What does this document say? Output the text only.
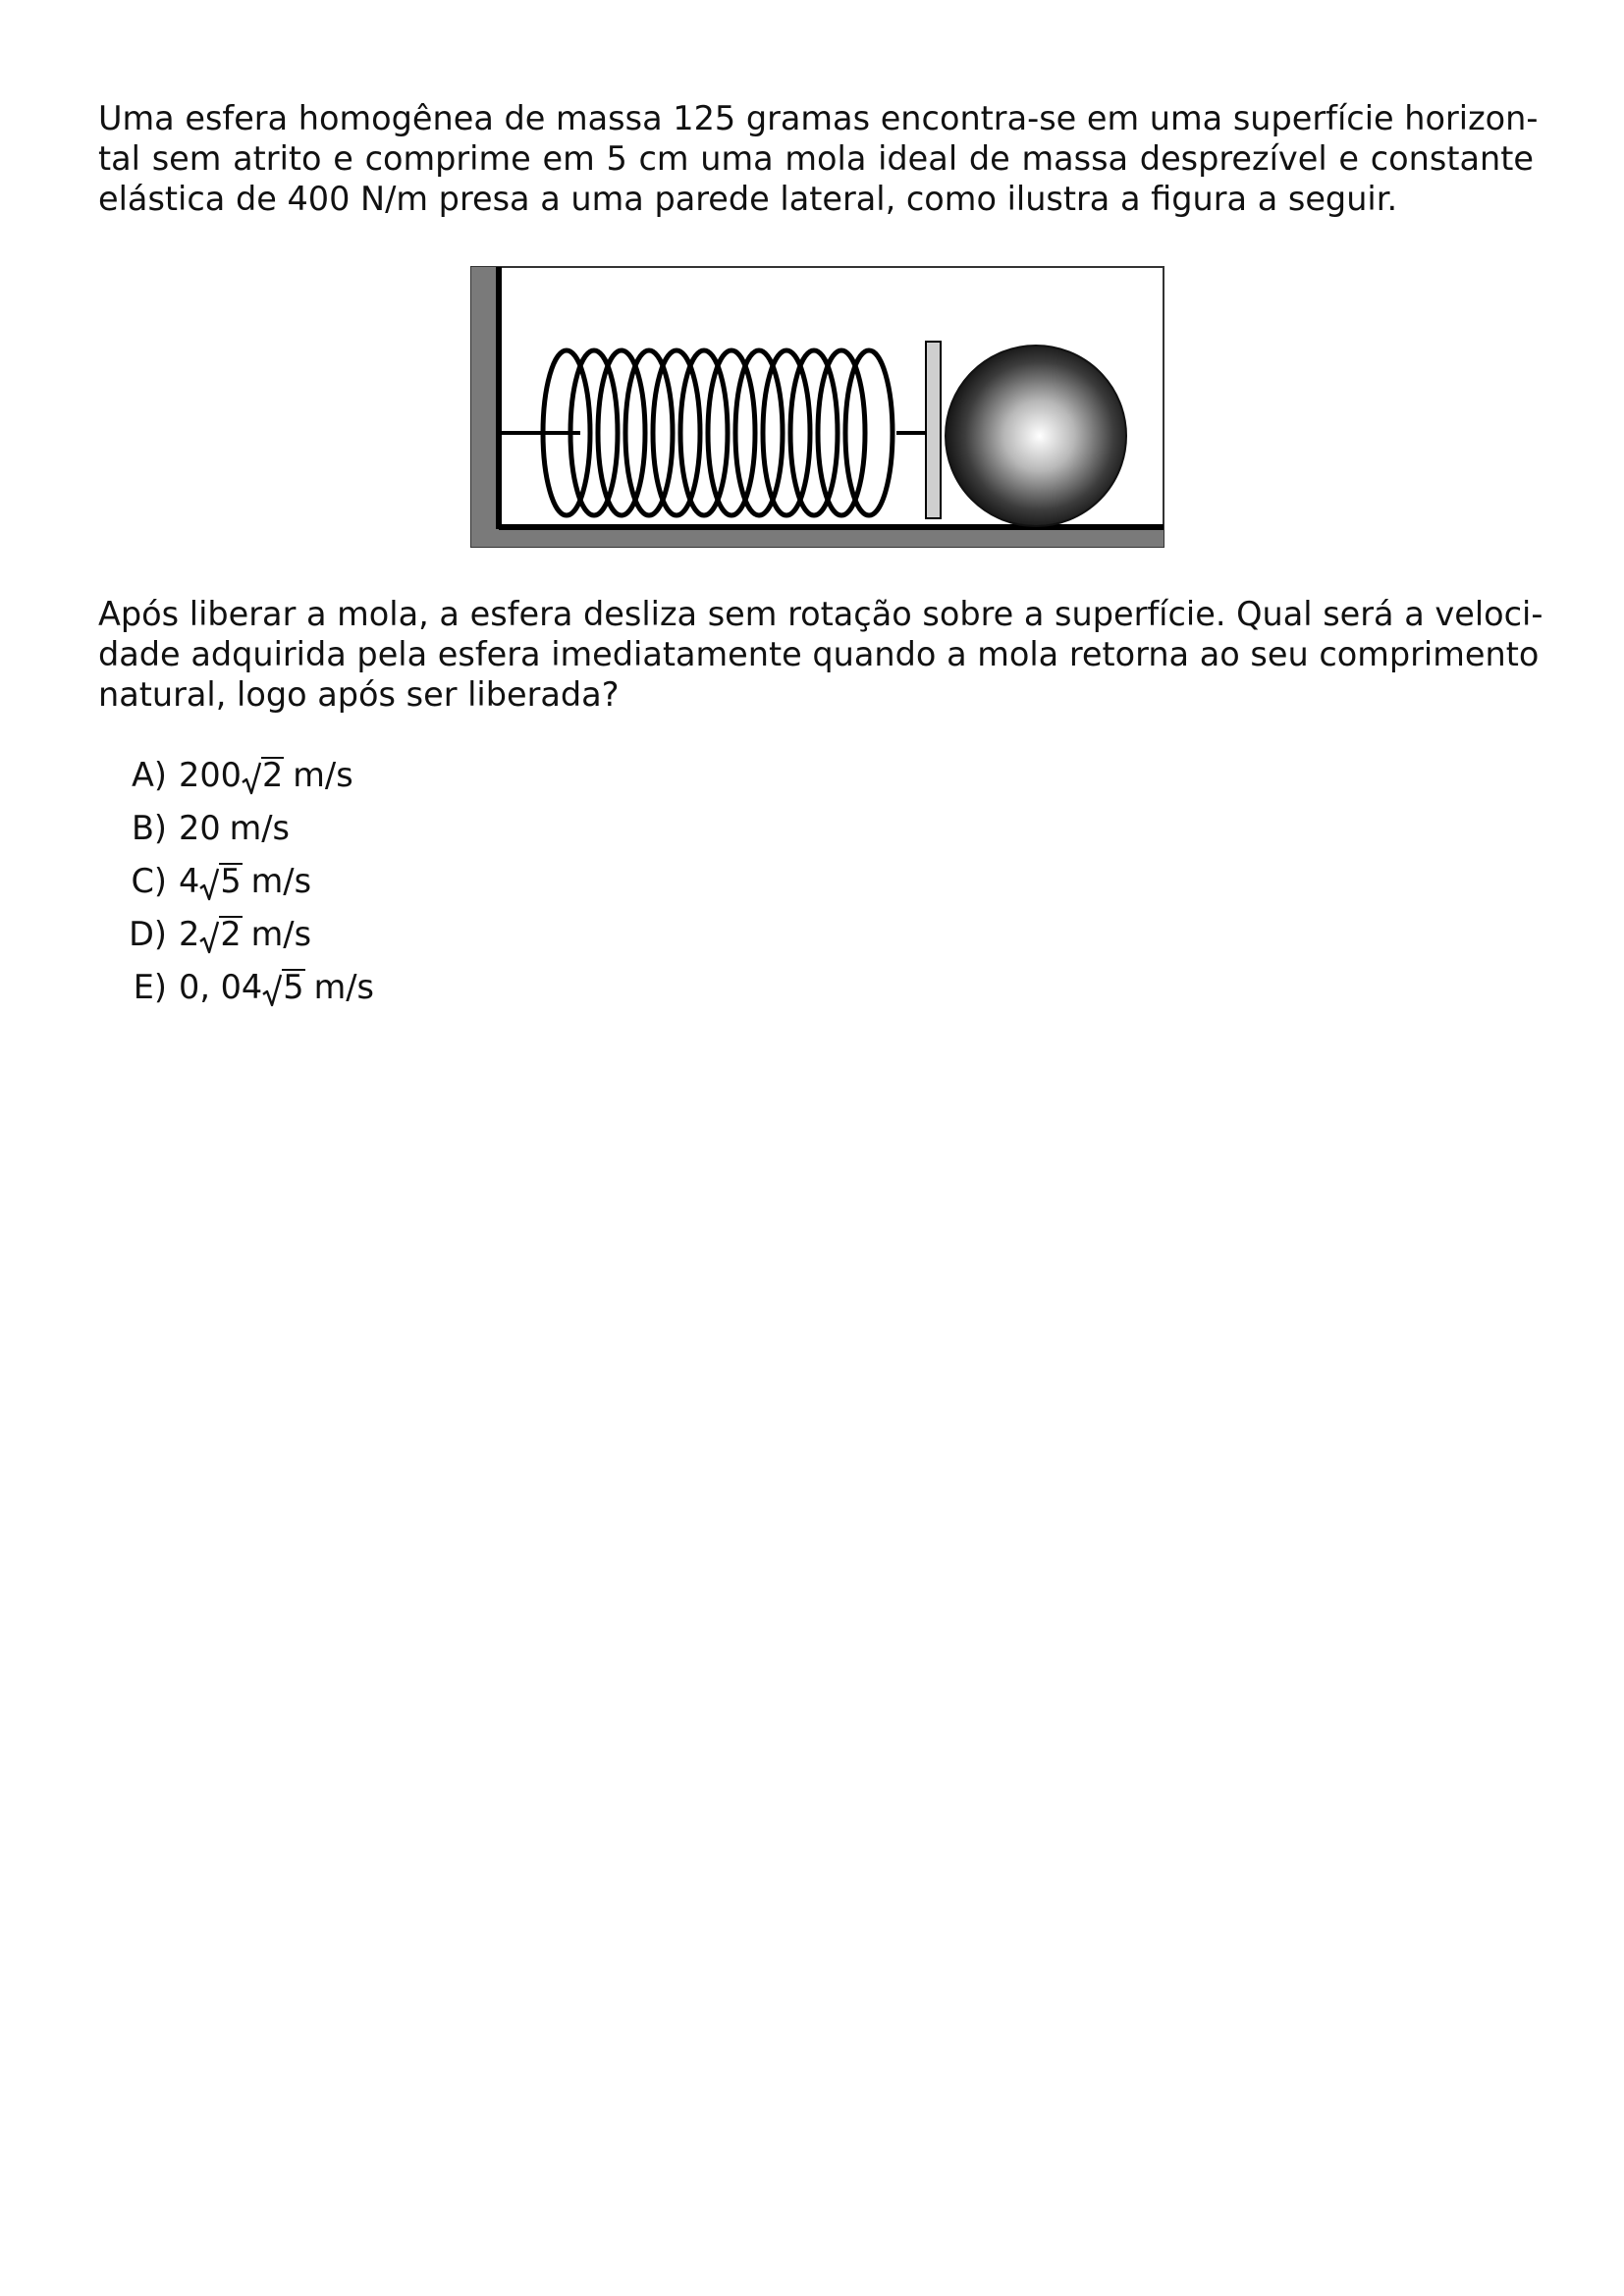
Uma esfera homogênea de massa 125 gramas encontra-se em uma superfície horizon-
tal sem atrito e comprime em 5 cm uma mola ideal de massa desprezível e constante
elástica de 400 N/m presa a uma parede lateral, como ilustra a figura a seguir.

Após liberar a mola, a esfera desliza sem rotação sobre a superfície. Qual será a veloci-
dade adquirida pela esfera imediatamente quando a mola retorna ao seu comprimento
natural, logo após ser liberada?

A) 200 2 m/s
B) 20 m/s
C) 4 5 m/s
D) 2 2 m/s
E) 0, 04 5 m/s
